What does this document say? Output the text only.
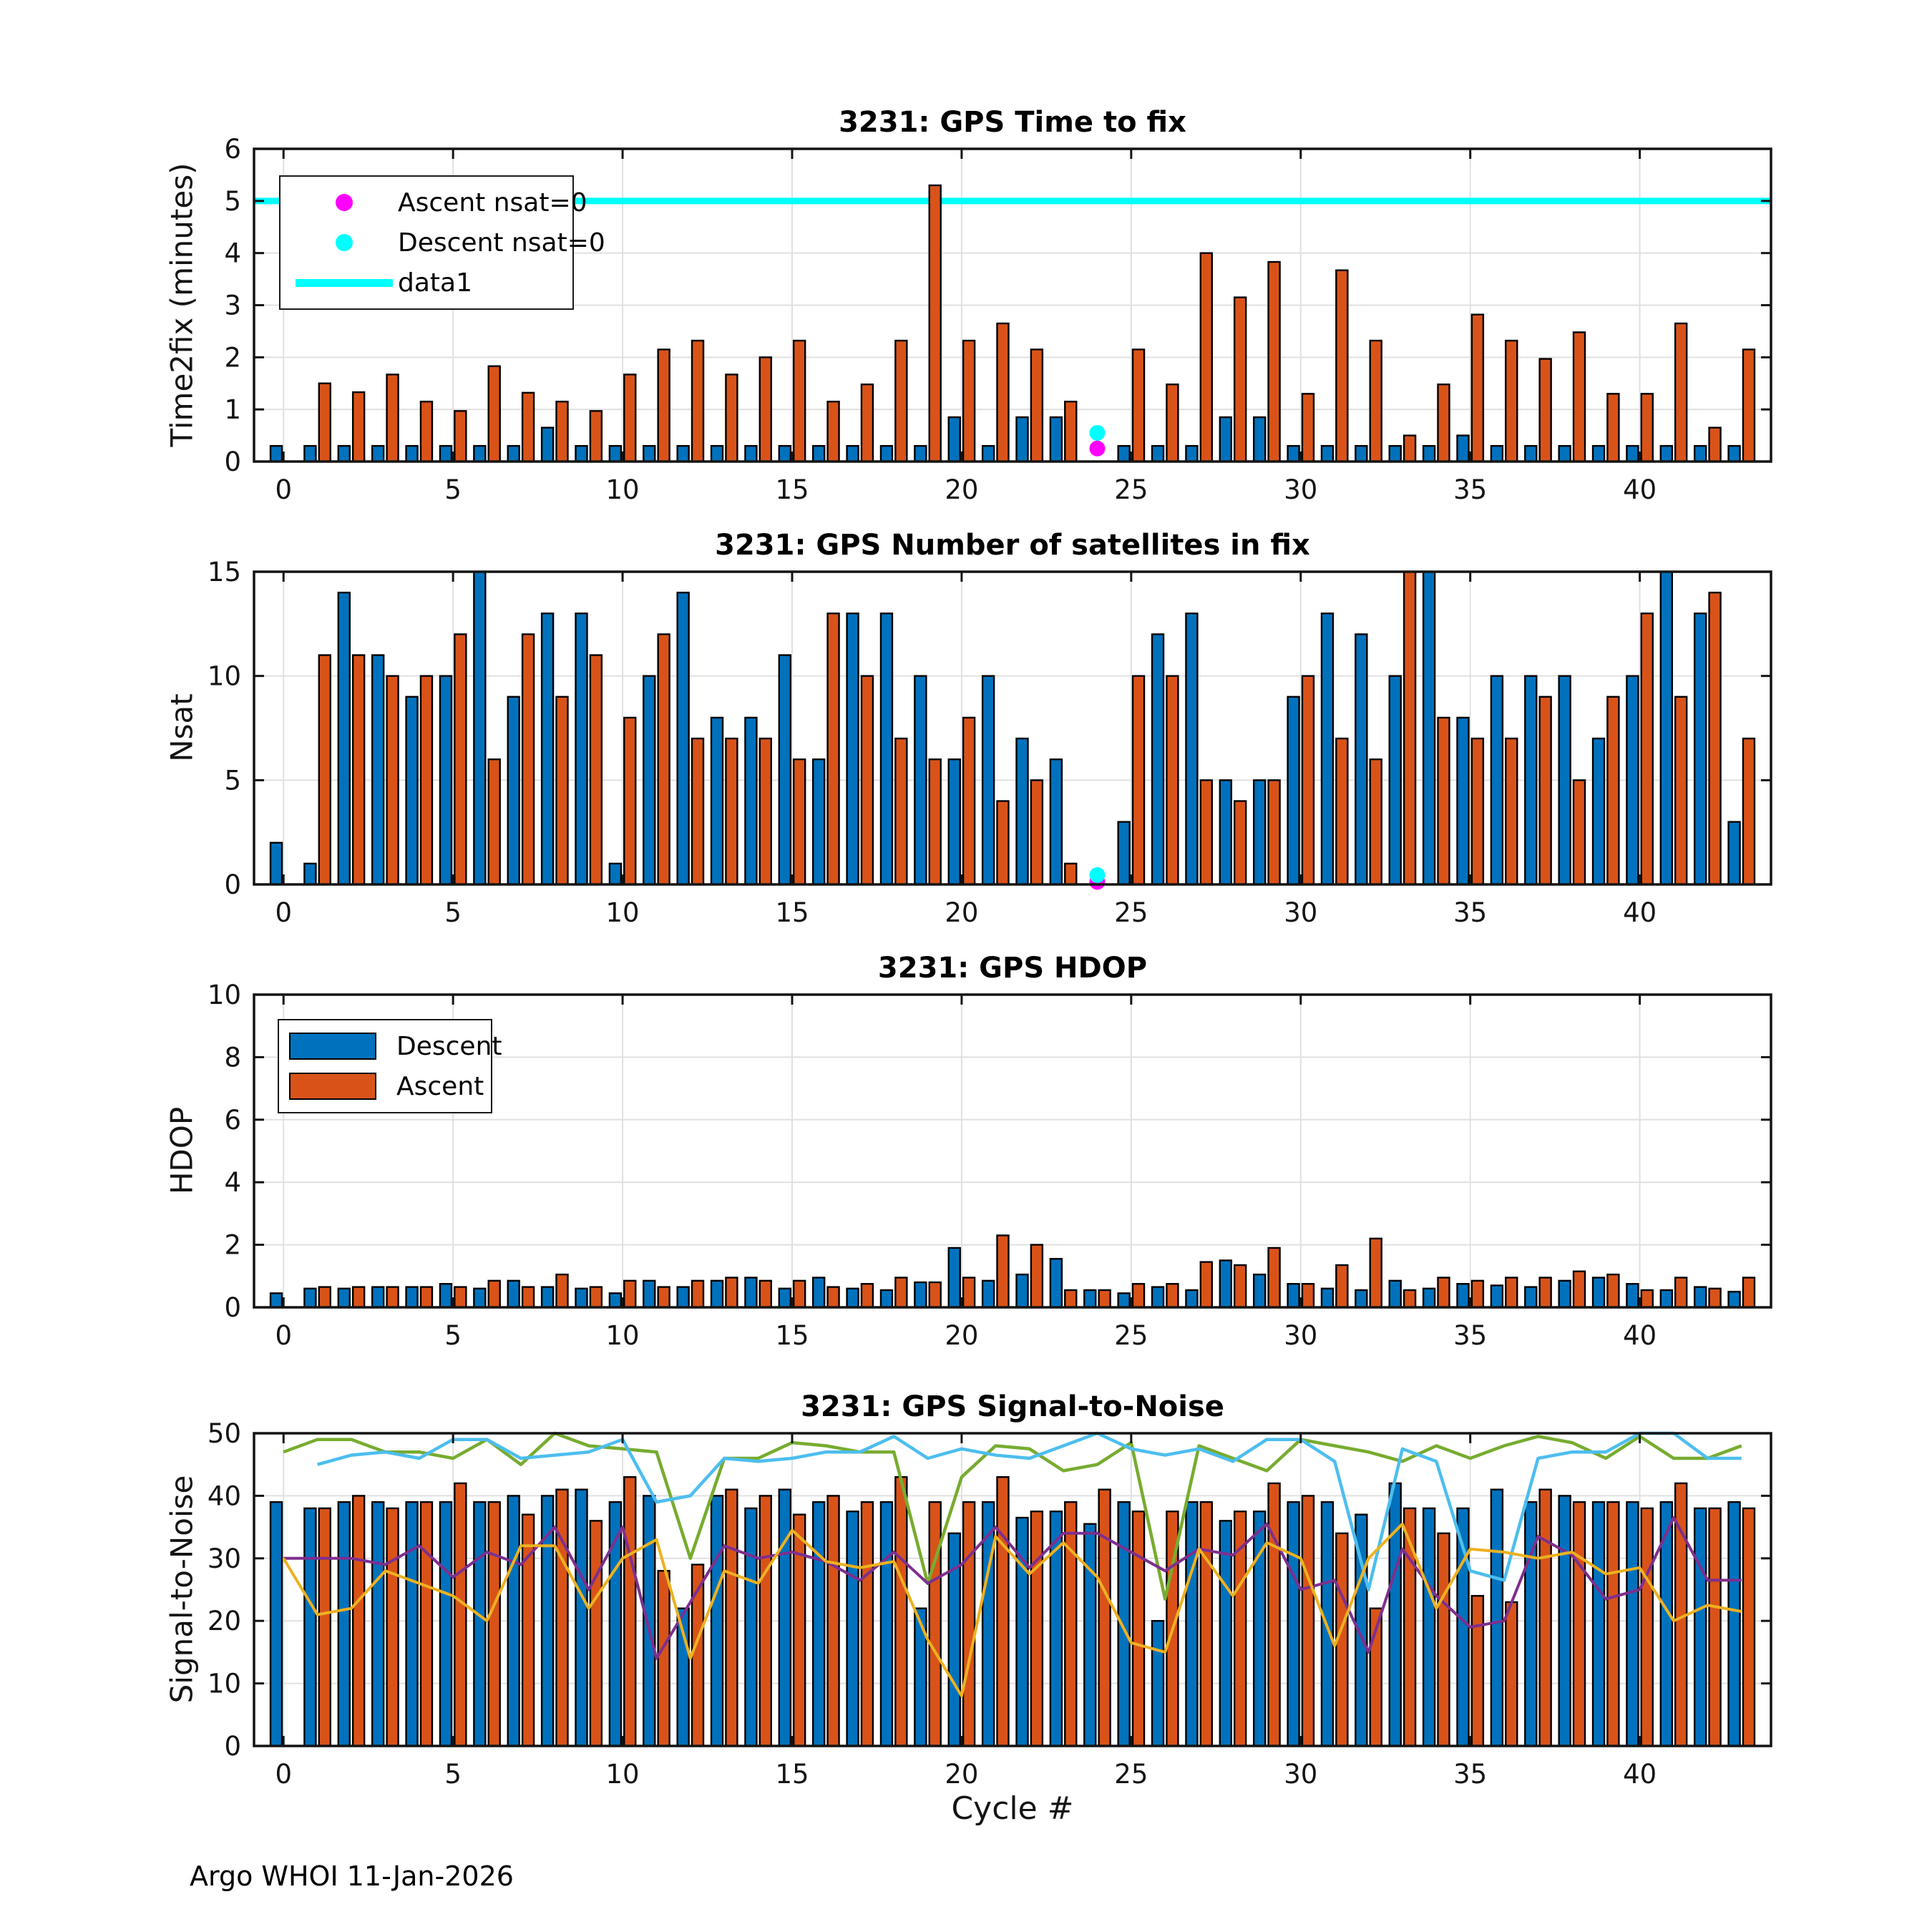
0	5	10	15	20	25	30	35	40
0
1
2
3
4
5
6
0	5	10	15	20	25	30	35	40
0
5
10
15
0	5	10	15	20	25	30	35	40
0
2
4
6
8
10
0	5	10	15	20	25	30	35	40
0
10
20
30
40
50
3231: GPS Time to fix
3231: GPS Number of satellites in fix
3231: GPS HDOP
3231: GPS Signal-to-Noise
Time2fix (minutes)
Nsat
HDOP
Signal-to-Noise
Cycle #
Ascent nsat=0
Descent nsat=0
data1
Descent
Ascent
Argo WHOI 11-Jan-2026
